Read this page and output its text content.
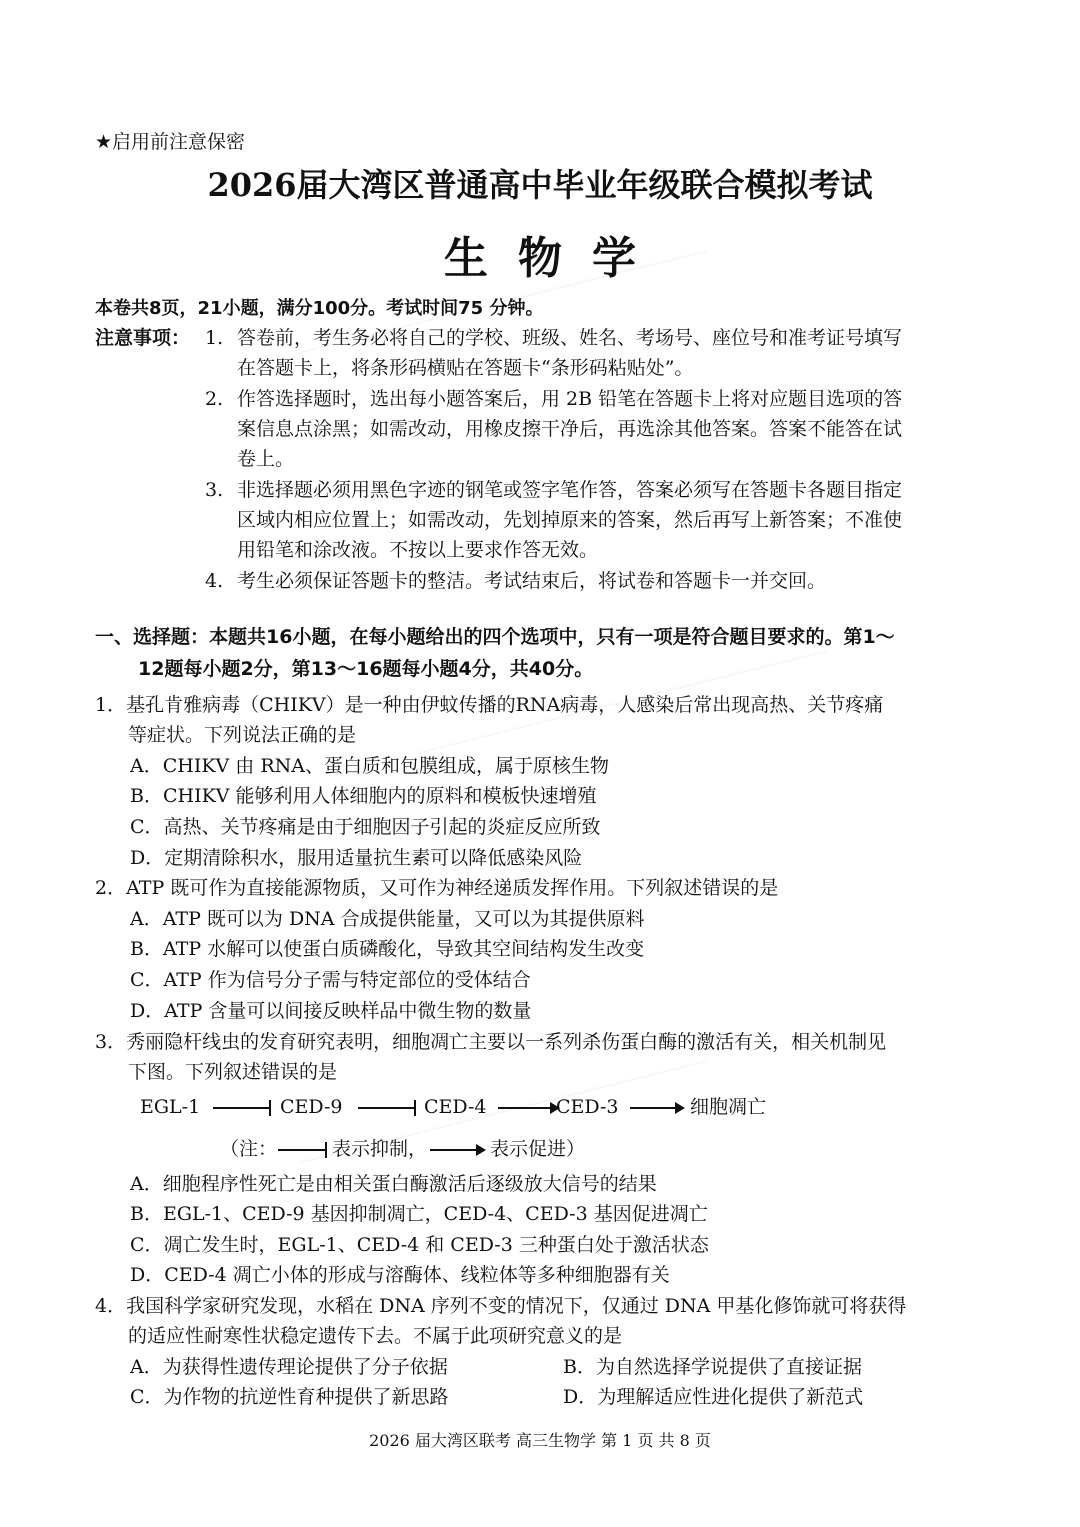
★启用前注意保密
2026届大湾区普通高中毕业年级联合模拟考试
生物学
本卷共8页，21小题，满分100分。考试时间75 分钟。
注意事项： 1. 答卷前，考生务必将自己的学校、班级、姓名、考场号、座位号和准考证号填写
在答题卡上，将条形码横贴在答题卡“条形码粘贴处”。
2. 作答选择题时，选出每小题答案后，用 2B 铅笔在答题卡上将对应题目选项的答
案信息点涂黑；如需改动，用橡皮擦干净后，再选涂其他答案。答案不能答在试
卷上。
3. 非选择题必须用黑色字迹的钢笔或签字笔作答，答案必须写在答题卡各题目指定
区域内相应位置上；如需改动，先划掉原来的答案，然后再写上新答案；不准使
用铅笔和涂改液。不按以上要求作答无效。
4. 考生必须保证答题卡的整洁。考试结束后，将试卷和答题卡一并交回。
一、选择题：本题共16小题，在每小题给出的四个选项中，只有一项是符合题目要求的。第1～
12题每小题2分，第13～16题每小题4分，共40分。
1．基孔肯雅病毒（CHIKV）是一种由伊蚊传播的RNA病毒，人感染后常出现高热、关节疼痛
等症状。下列说法正确的是
A．CHIKV 由 RNA、蛋白质和包膜组成，属于原核生物
B．CHIKV 能够利用人体细胞内的原料和模板快速增殖
C．高热、关节疼痛是由于细胞因子引起的炎症反应所致
D．定期清除积水，服用适量抗生素可以降低感染风险
2．ATP 既可作为直接能源物质，又可作为神经递质发挥作用。下列叙述错误的是
A．ATP 既可以为 DNA 合成提供能量，又可以为其提供原料
B．ATP 水解可以使蛋白质磷酸化，导致其空间结构发生改变
C．ATP 作为信号分子需与特定部位的受体结合
D．ATP 含量可以间接反映样品中微生物的数量
3．秀丽隐杆线虫的发育研究表明，细胞凋亡主要以一系列杀伤蛋白酶的激活有关，相关机制见
下图。下列叙述错误的是
EGL-1	CED-9	CED-4	CED-3	细胞凋亡
（注：	表示抑制，	表示促进）
A．细胞程序性死亡是由相关蛋白酶激活后逐级放大信号的结果
B．EGL-1、CED-9 基因抑制凋亡，CED-4、CED-3 基因促进凋亡
C．凋亡发生时，EGL-1、CED-4 和 CED-3 三种蛋白处于激活状态
D．CED-4 凋亡小体的形成与溶酶体、线粒体等多种细胞器有关
4．我国科学家研究发现，水稻在 DNA 序列不变的情况下，仅通过 DNA 甲基化修饰就可将获得
的适应性耐寒性状稳定遗传下去。不属于此项研究意义的是
A．为获得性遗传理论提供了分子依据	B．为自然选择学说提供了直接证据
C．为作物的抗逆性育种提供了新思路	D．为理解适应性进化提供了新范式
2026 届大湾区联考 高三生物学 第 1 页 共 8 页
